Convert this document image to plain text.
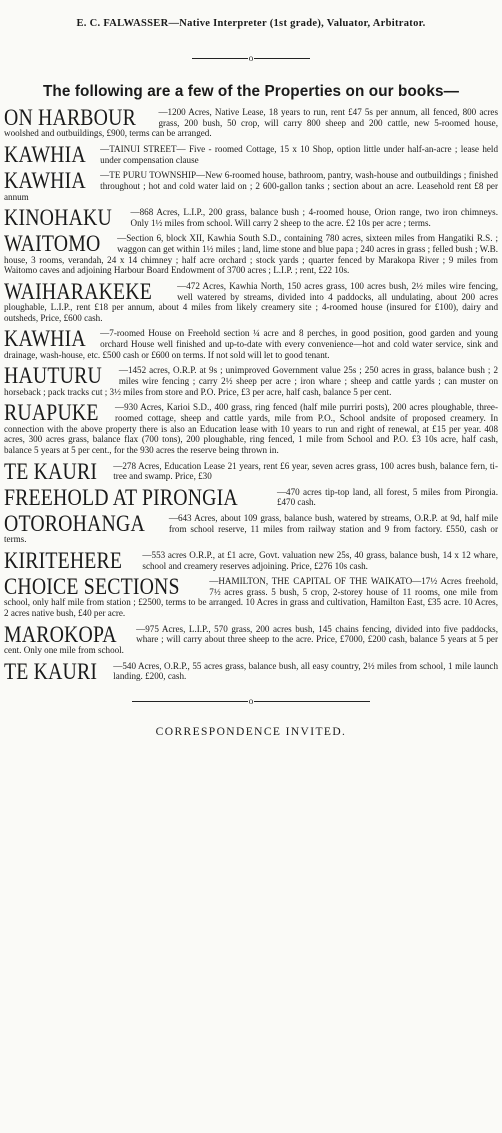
E. C. FALWASSER—Native Interpreter (1st grade), Valuator, Arbitrator.
o
The following are a few of the Properties on our books—
ON HARBOUR —1200 Acres, Native Lease, 18 years to run, rent £47 5s per annum, all fenced, 800 acres grass, 200 bush, 50 crop, will carry 800 sheep and 200 cattle, new 5-roomed house, woolshed and outbuildings, £900, terms can be arranged.
KAWHIA —TAINUI STREET— Five - roomed Cottage, 15 x 10 Shop, option little under half-an-acre ; lease held under compensation clause
KAWHIA —TE PURU TOWNSHIP—New 6-roomed house, bathroom, pantry, wash-house and outbuildings ; finished throughout ; hot and cold water laid on ; 2 600-gallon tanks ; section about an acre. Leasehold rent £8 per annum
KINOHAKU —868 Acres, L.I.P., 200 grass, balance bush ; 4-roomed house, Orion range, two iron chimneys. Only 1½ miles from school. Will carry 2 sheep to the acre. £2 10s per acre ; terms.
WAITOMO —Section 6, block XII, Kawhia South S.D., containing 780 acres, sixteen miles from Hangatiki R.S. ; waggon can get within 1½ miles ; land, lime stone and blue papa ; 240 acres in grass ; felled bush ; W.B. house, 3 rooms, verandah, 24 x 14 chimney ; half acre orchard ; stock yards ; quarter fenced by Marakopa River ; 9 miles from Waitomo caves and adjoining Harbour Board Endowment of 3700 acres ; L.I.P. ; rent, £22 10s.
WAIHARAKEKE	—472 Acres, Kawhia North, 150 acres grass, 100 acres bush, 2½ miles wire fencing, well watered by streams, divided into 4 paddocks, all undulating, about 200 acres ploughable, L.I.P., rent £18 per annum, about 4 miles from likely creamery site ; 4-roomed house (insured for £100), dairy and outsheds, Price, £600 cash.
KAWHIA —7-roomed House on Freehold section ¼ acre and 8 perches, in good position, good garden and young orchard House well finished and up-to-date with every convenience—hot and cold water service, sink and drainage, wash-house, etc. £500 cash or £600 on terms. If not sold will let to good tenant.
HAUTURU —1452 acres, O.R.P. at 9s ; unimproved Government value 25s ; 250 acres in grass, balance bush ; 2 miles wire fencing ; carry 2½ sheep per acre ; iron whare ; sheep and cattle yards ; can muster on horseback ; pack tracks cut ; 3½ miles from store and P.O. Price, £3 per acre, half cash, balance 5 per cent.
RUAPUKE —930 Acres, Karioi S.D., 400 grass, ring fenced (half mile purriri posts), 200 acres ploughable, three-roomed cottage, sheep and cattle yards, mile from P.O., School andsite of proposed creamery. In connection with the above property there is also an Education lease with 10 years to run and right of renewal, at £15 per year. 408 acres, 300 acres grass, balance flax (700 tons), 200 ploughable, ring fenced, 1 mile from School and P.O. £3 10s acre, half cash, balance 5 years at 5 per cent., for the 930 acres the reserve being thrown in.
TE KAURI —278 Acres, Education Lease 21 years, rent £6 year, seven acres grass, 100 acres bush, balance fern, ti-tree and swamp. Price, £30
FREEHOLD AT PIRONGIA	—470 acres tip-top land, all forest, 5 miles from Pirongia. £470 cash.
OTOROHANGA	—643 Acres, about 109 grass, balance bush, watered by streams, O.R.P. at 9d, half mile from school reserve, 11 miles from railway station and 9 from factory. £550, cash or terms.
KIRITEHERE —553 acres O.R.P., at £1 acre, Govt. valuation new 25s, 40 grass, balance bush, 14 x 12 whare, school and creamery reserves adjoining. Price, £276 10s cash.
CHOICE SECTIONS	—HAMILTON, THE CAPITAL OF THE WAIKATO—17½ Acres freehold, 7½ acres grass. 5 bush, 5 crop, 2-storey house of 11 rooms, one mile from school, only half mile from station ; £2500, terms to be arranged. 10 Acres in grass and cultivation, Hamilton East, £35 acre. 10 Acres, 2 acres native bush, £40 per acre.
MAROKOPA —975 Acres, L.I.P., 570 grass, 200 acres bush, 145 chains fencing, divided into five paddocks, whare ; will carry about three sheep to the acre. Price, £7000, £200 cash, balance 5 years at 5 per cent. Only one mile from school.
TE KAURI —540 Acres, O.R.P., 55 acres grass, balance bush, all easy country, 2½ miles from school, 1 mile launch landing. £200, cash.
o
CORRESPONDENCE INVITED.
